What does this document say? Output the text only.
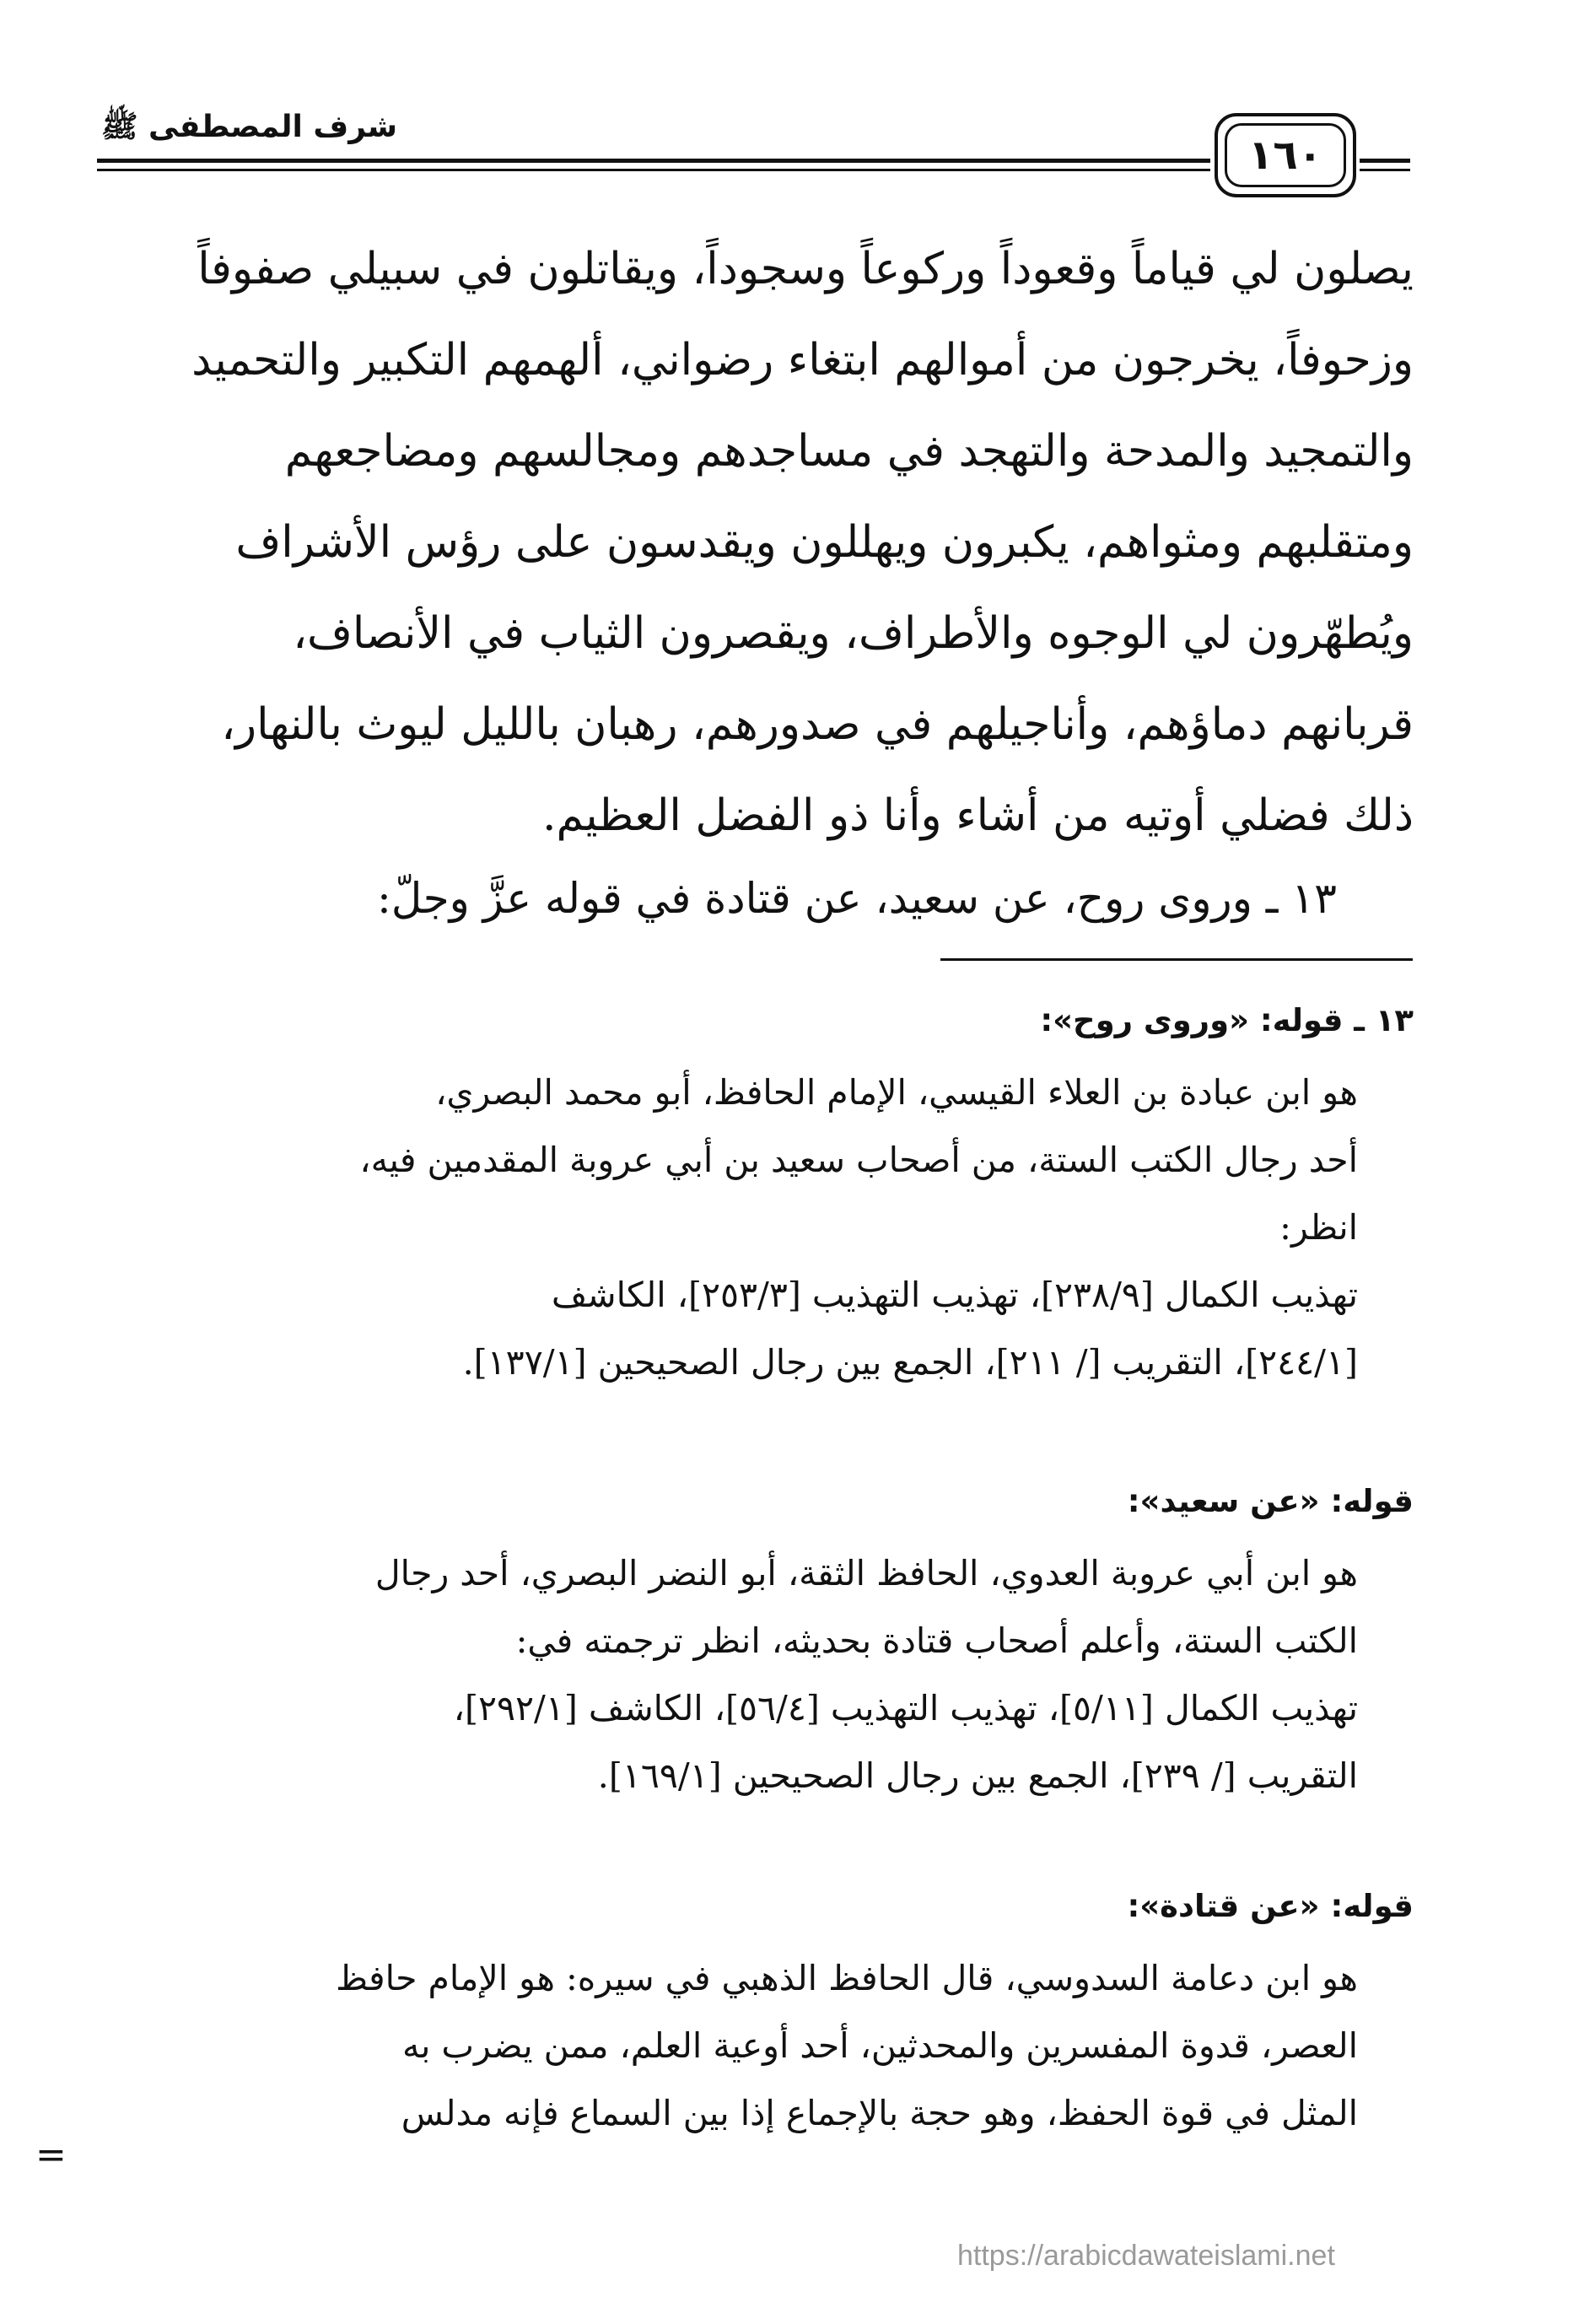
شرف المصطفى ﷺ
١٦٠
يصلون لي قياماً وقعوداً وركوعاً وسجوداً، ويقاتلون في سبيلي صفوفاً
وزحوفاً، يخرجون من أموالهم ابتغاء رضواني، ألهمهم التكبير والتحميد
والتمجيد والمدحة والتهجد في مساجدهم ومجالسهم ومضاجعهم
ومتقلبهم ومثواهم، يكبرون ويهللون ويقدسون على رؤس الأشراف
ويُطهّرون لي الوجوه والأطراف، ويقصرون الثياب في الأنصاف،
قربانهم دماؤهم، وأناجيلهم في صدورهم، رهبان بالليل ليوث بالنهار،
ذلك فضلي أوتيه من أشاء وأنا ذو الفضل العظيم.
١٣ ـ وروى روح، عن سعيد، عن قتادة في قوله عزَّ وجلّ:
١٣ ـ قوله: «وروى روح»:
هو ابن عبادة بن العلاء القيسي، الإمام الحافظ، أبو محمد البصري،
أحد رجال الكتب الستة، من أصحاب سعيد بن أبي عروبة المقدمين فيه،
انظر:
تهذيب الكمال [٢٣٨/٩]، تهذيب التهذيب [٢٥٣/٣]، الكاشف
[٢٤٤/١]، التقريب [/ ٢١١]، الجمع بين رجال الصحيحين [١٣٧/١].
قوله: «عن سعيد»:
هو ابن أبي عروبة العدوي، الحافظ الثقة، أبو النضر البصري، أحد رجال
الكتب الستة، وأعلم أصحاب قتادة بحديثه، انظر ترجمته في:
تهذيب الكمال [٥/١١]، تهذيب التهذيب [٥٦/٤]، الكاشف [٢٩٢/١]،
التقريب [/ ٢٣٩]، الجمع بين رجال الصحيحين [١٦٩/١].
قوله: «عن قتادة»:
هو ابن دعامة السدوسي، قال الحافظ الذهبي في سيره: هو الإمام حافظ
العصر، قدوة المفسرين والمحدثين، أحد أوعية العلم، ممن يضرب به
المثل في قوة الحفظ، وهو حجة بالإجماع إذا بين السماع فإنه مدلس
=
https://arabicdawateislami.net
